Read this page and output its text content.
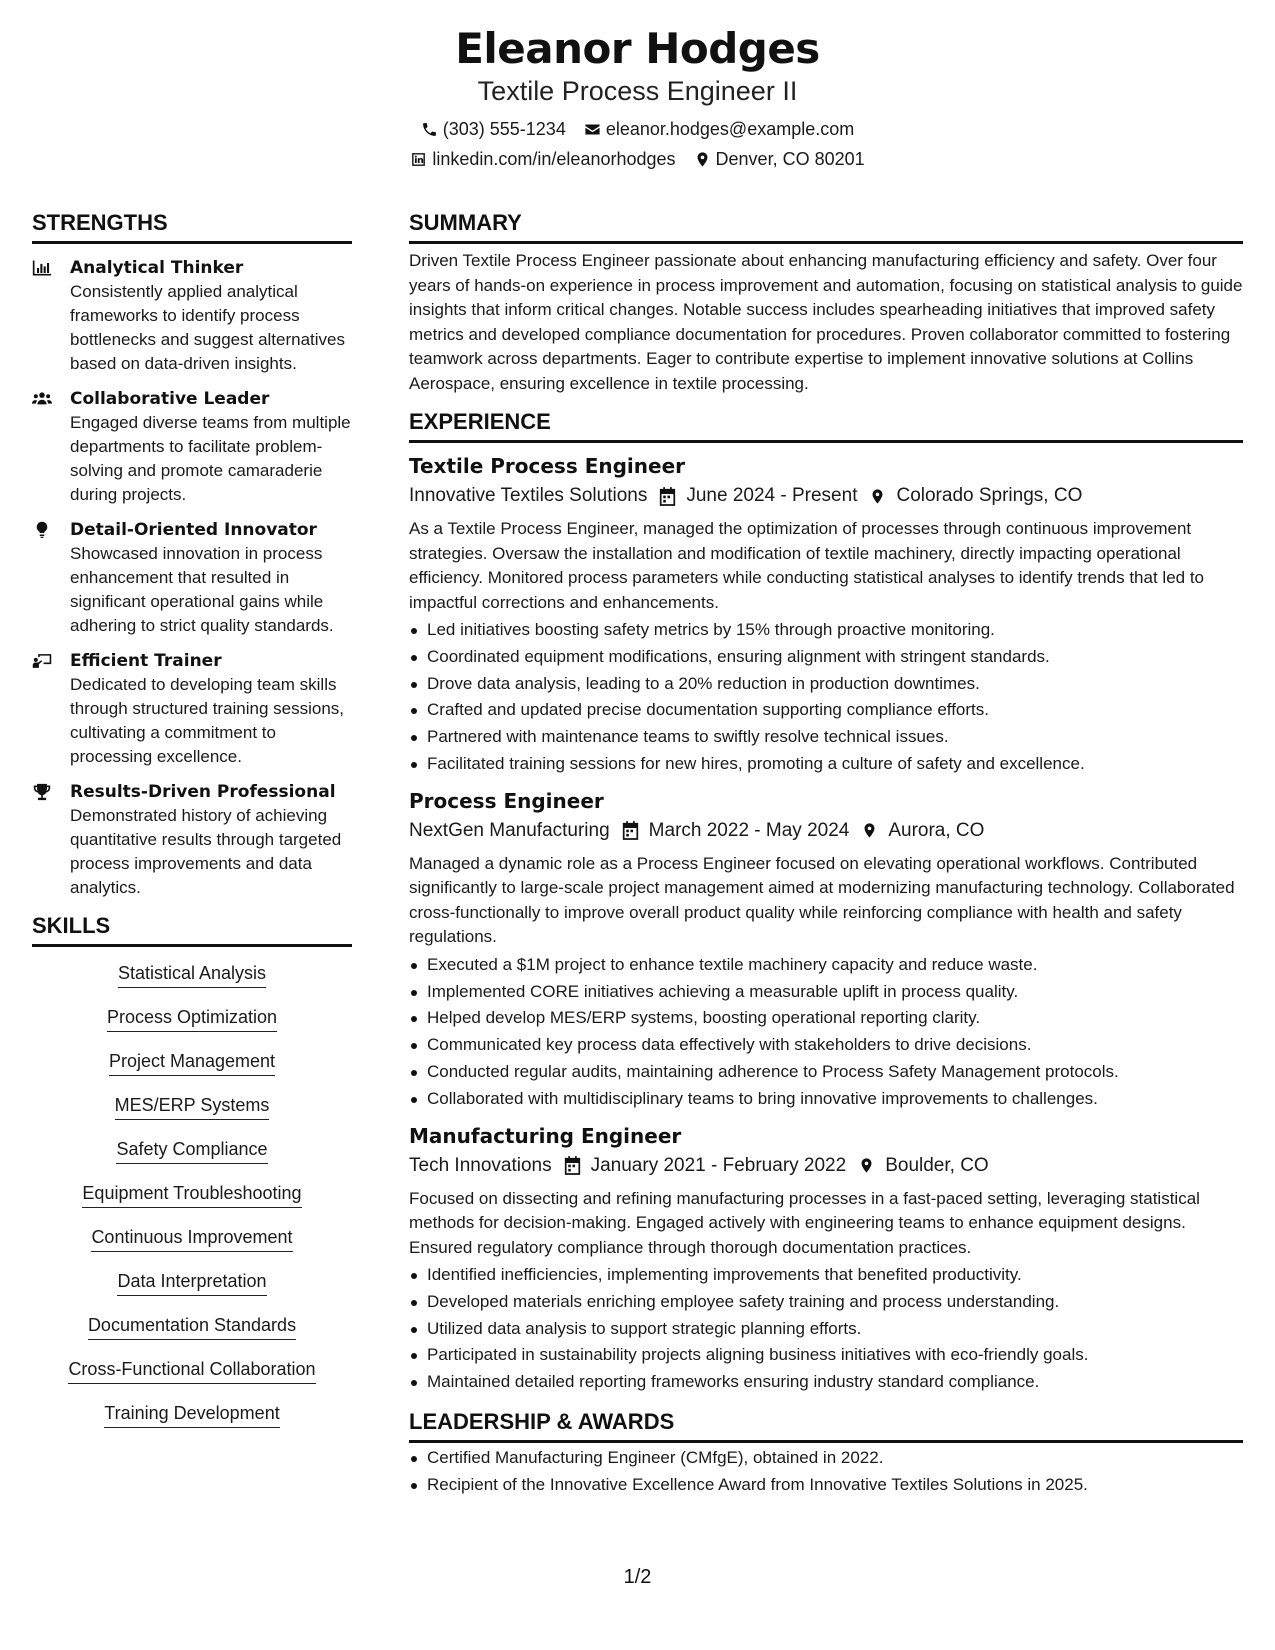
Eleanor Hodges
Textile Process Engineer II
(303) 555-1234 eleanor.hodges@example.com
linkedin.com/in/eleanorhodges Denver, CO 80201
STRENGTHS
Analytical Thinker
Consistently applied analytical frameworks to identify process bottlenecks and suggest alternatives based on data-driven insights.
Collaborative Leader
Engaged diverse teams from multiple departments to facilitate problem-solving and promote camaraderie during projects.
Detail-Oriented Innovator
Showcased innovation in process enhancement that resulted in significant operational gains while adhering to strict quality standards.
Efficient Trainer
Dedicated to developing team skills through structured training sessions, cultivating a commitment to processing excellence.
Results-Driven Professional
Demonstrated history of achieving quantitative results through targeted process improvements and data analytics.
SKILLS
Statistical Analysis
Process Optimization
Project Management
MES/ERP Systems
Safety Compliance
Equipment Troubleshooting
Continuous Improvement
Data Interpretation
Documentation Standards
Cross-Functional Collaboration
Training Development
SUMMARY
Driven Textile Process Engineer passionate about enhancing manufacturing efficiency and safety. Over four years of hands-on experience in process improvement and automation, focusing on statistical analysis to guide insights that inform critical changes. Notable success includes spearheading initiatives that improved safety metrics and developed compliance documentation for procedures. Proven collaborator committed to fostering teamwork across departments. Eager to contribute expertise to implement innovative solutions at Collins Aerospace, ensuring excellence in textile processing.
EXPERIENCE
Textile Process Engineer
Innovative Textiles Solutions June 2024 - Present Colorado Springs, CO
As a Textile Process Engineer, managed the optimization of processes through continuous improvement strategies. Oversaw the installation and modification of textile machinery, directly impacting operational efficiency. Monitored process parameters while conducting statistical analyses to identify trends that led to impactful corrections and enhancements.
Led initiatives boosting safety metrics by 15% through proactive monitoring.
Coordinated equipment modifications, ensuring alignment with stringent standards.
Drove data analysis, leading to a 20% reduction in production downtimes.
Crafted and updated precise documentation supporting compliance efforts.
Partnered with maintenance teams to swiftly resolve technical issues.
Facilitated training sessions for new hires, promoting a culture of safety and excellence.
Process Engineer
NextGen Manufacturing March 2022 - May 2024 Aurora, CO
Managed a dynamic role as a Process Engineer focused on elevating operational workflows. Contributed significantly to large-scale project management aimed at modernizing manufacturing technology. Collaborated cross-functionally to improve overall product quality while reinforcing compliance with health and safety regulations.
Executed a $1M project to enhance textile machinery capacity and reduce waste.
Implemented CORE initiatives achieving a measurable uplift in process quality.
Helped develop MES/ERP systems, boosting operational reporting clarity.
Communicated key process data effectively with stakeholders to drive decisions.
Conducted regular audits, maintaining adherence to Process Safety Management protocols.
Collaborated with multidisciplinary teams to bring innovative improvements to challenges.
Manufacturing Engineer
Tech Innovations January 2021 - February 2022 Boulder, CO
Focused on dissecting and refining manufacturing processes in a fast-paced setting, leveraging statistical methods for decision-making. Engaged actively with engineering teams to enhance equipment designs. Ensured regulatory compliance through thorough documentation practices.
Identified inefficiencies, implementing improvements that benefited productivity.
Developed materials enriching employee safety training and process understanding.
Utilized data analysis to support strategic planning efforts.
Participated in sustainability projects aligning business initiatives with eco-friendly goals.
Maintained detailed reporting frameworks ensuring industry standard compliance.
LEADERSHIP & AWARDS
Certified Manufacturing Engineer (CMfgE), obtained in 2022.
Recipient of the Innovative Excellence Award from Innovative Textiles Solutions in 2025.
1/2
